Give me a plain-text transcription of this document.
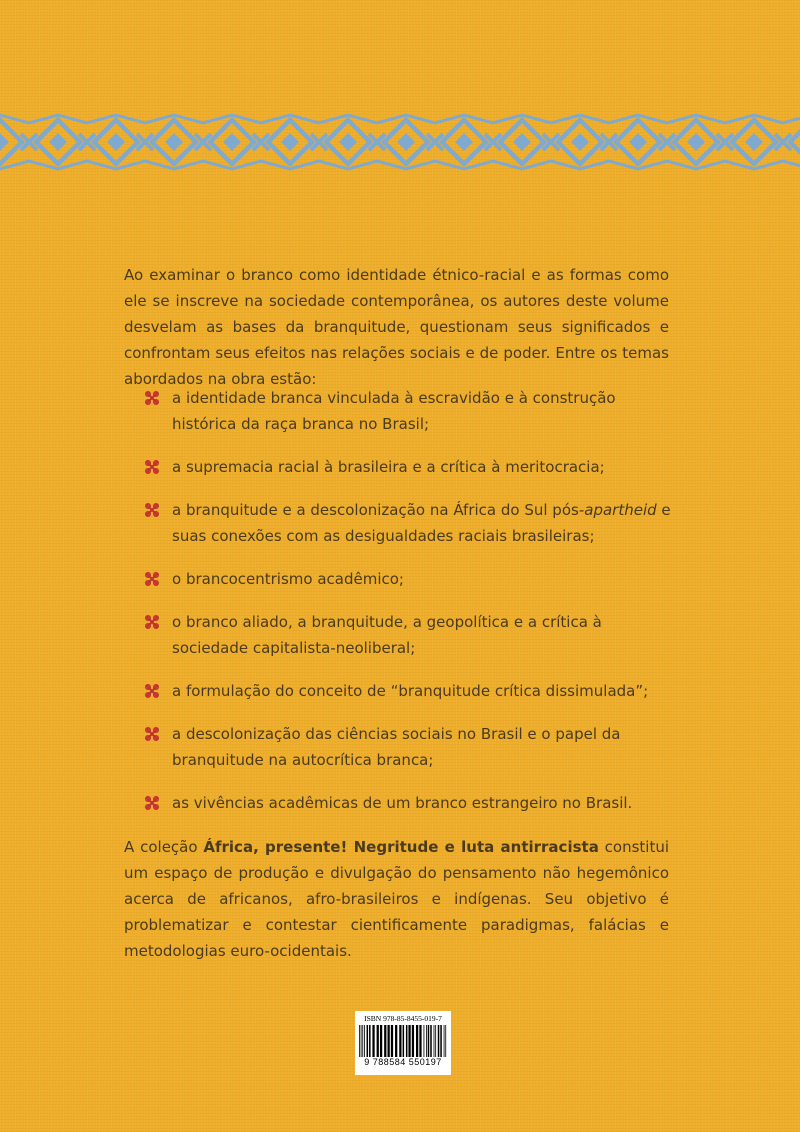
Ao examinar o branco como identidade étnico-racial e as formas como ele se inscreve na sociedade contemporânea, os autores deste volume desvelam as bases da branquitude, questionam seus significados e confrontam seus efeitos nas relações sociais e de poder. Entre os temas abordados na obra estão:

a identidade branca vinculada à escravidão e à construção histórica da raça branca no Brasil;
a supremacia racial à brasileira e a crítica à meritocracia;
a branquitude e a descolonização na África do Sul pós-apartheid e suas conexões com as desigualdades raciais brasileiras;
o brancocentrismo acadêmico;
o branco aliado, a branquitude, a geopolítica e a crítica à sociedade capitalista-neoliberal;
a formulação do conceito de “branquitude crítica dissimulada”;
a descolonização das ciências sociais no Brasil e o papel da branquitude na autocrítica branca;
as vivências acadêmicas de um branco estrangeiro no Brasil.

A coleção África, presente! Negritude e luta antirracista constitui um espaço de produção e divulgação do pensamento não hegemônico acerca de africanos, afro-brasileiros e indígenas. Seu objetivo é problematizar e contestar cientificamente paradigmas, falácias e metodologias euro-ocidentais.

ISBN 978-85-8455-019-7
9 788584 550197
